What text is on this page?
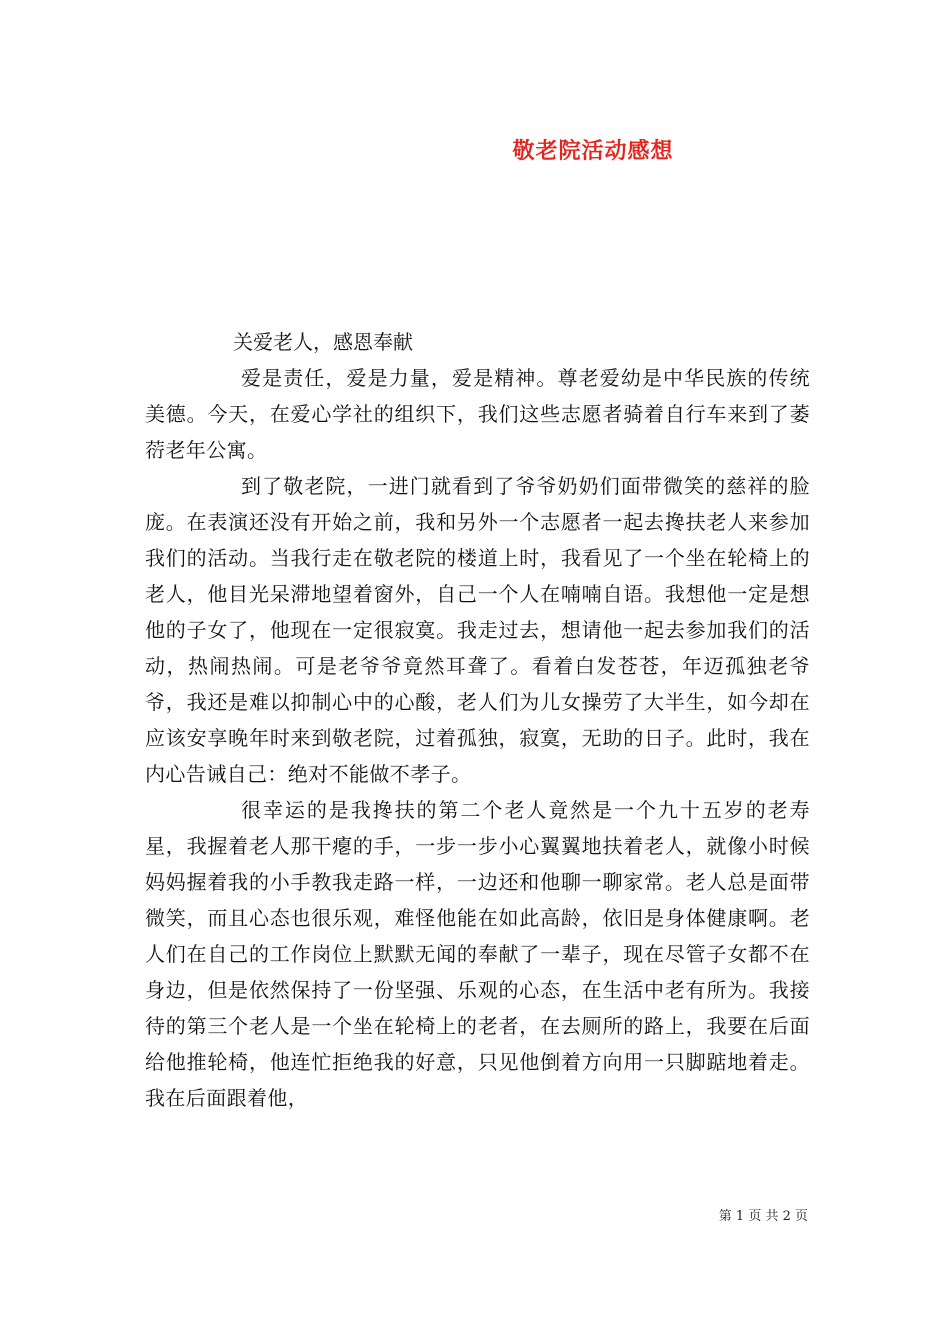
敬老院活动感想

关爱老人，感恩奉献

爱是责任，爱是力量，爱是精神。尊老爱幼是中华民族的传统美德。今天，在爱心学社的组织下，我们这些志愿者骑着自行车来到了萎葕老年公寓。

到了敬老院，一进门就看到了爷爷奶奶们面带微笑的慈祥的脸庞。在表演还没有开始之前，我和另外一个志愿者一起去搀扶老人来参加我们的活动。当我行走在敬老院的楼道上时，我看见了一个坐在轮椅上的老人，他目光呆滞地望着窗外，自己一个人在喃喃自语。我想他一定是想他的子女了，他现在一定很寂寞。我走过去，想请他一起去参加我们的活动，热闹热闹。可是老爷爷竟然耳聋了。看着白发苍苍，年迈孤独老爷爷，我还是难以抑制心中的心酸，老人们为儿女操劳了大半生，如今却在应该安享晚年时来到敬老院，过着孤独，寂寞，无助的日子。此时，我在内心告诫自己：绝对不能做不孝子。

很幸运的是我搀扶的第二个老人竟然是一个九十五岁的老寿星，我握着老人那干瘪的手，一步一步小心翼翼地扶着老人，就像小时候妈妈握着我的小手教我走路一样，一边还和他聊一聊家常。老人总是面带微笑，而且心态也很乐观，难怪他能在如此高龄，依旧是身体健康啊。老人们在自己的工作岗位上默默无闻的奉献了一辈子，现在尽管子女都不在身边，但是依然保持了一份坚强、乐观的心态，在生活中老有所为。我接待的第三个老人是一个坐在轮椅上的老者，在去厕所的路上，我要在后面给他推轮椅，他连忙拒绝我的好意，只见他倒着方向用一只脚踮地着走。我在后面跟着他，

第 1 页 共 2 页
